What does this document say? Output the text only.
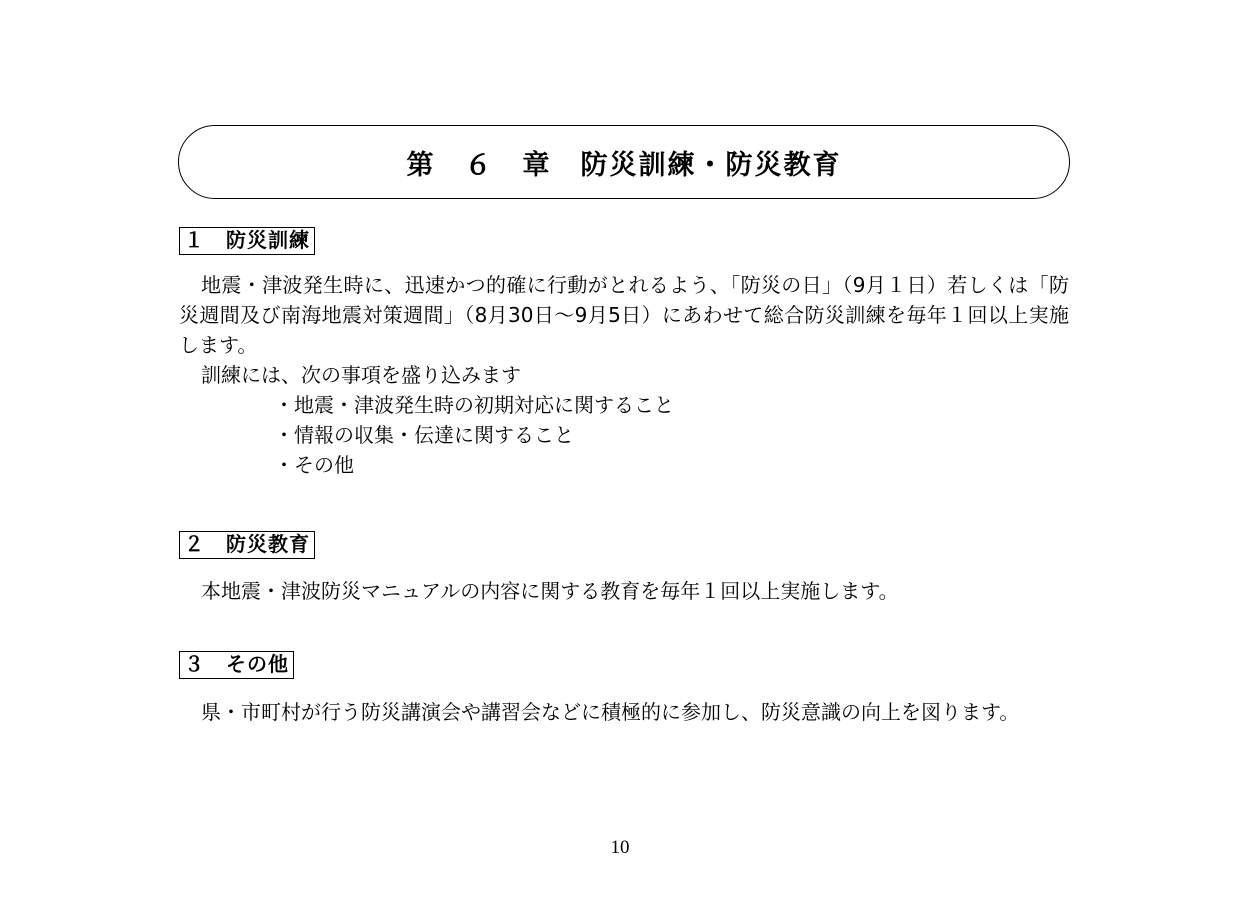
第　６　章　防災訓練・防災教育
１　防災訓練
地震・津波発生時に、迅速かつ的確に行動がとれるよう、「防災の日」（9月１日）若しくは「防災週間及び南海地震対策週間」（8月30日～9月5日）にあわせて総合防災訓練を毎年１回以上実施します。
訓練には、次の事項を盛り込みます
・地震・津波発生時の初期対応に関すること
・情報の収集・伝達に関すること
・その他
２　防災教育
本地震・津波防災マニュアルの内容に関する教育を毎年１回以上実施します。
３　その他
県・市町村が行う防災講演会や講習会などに積極的に参加し、防災意識の向上を図ります。
10
